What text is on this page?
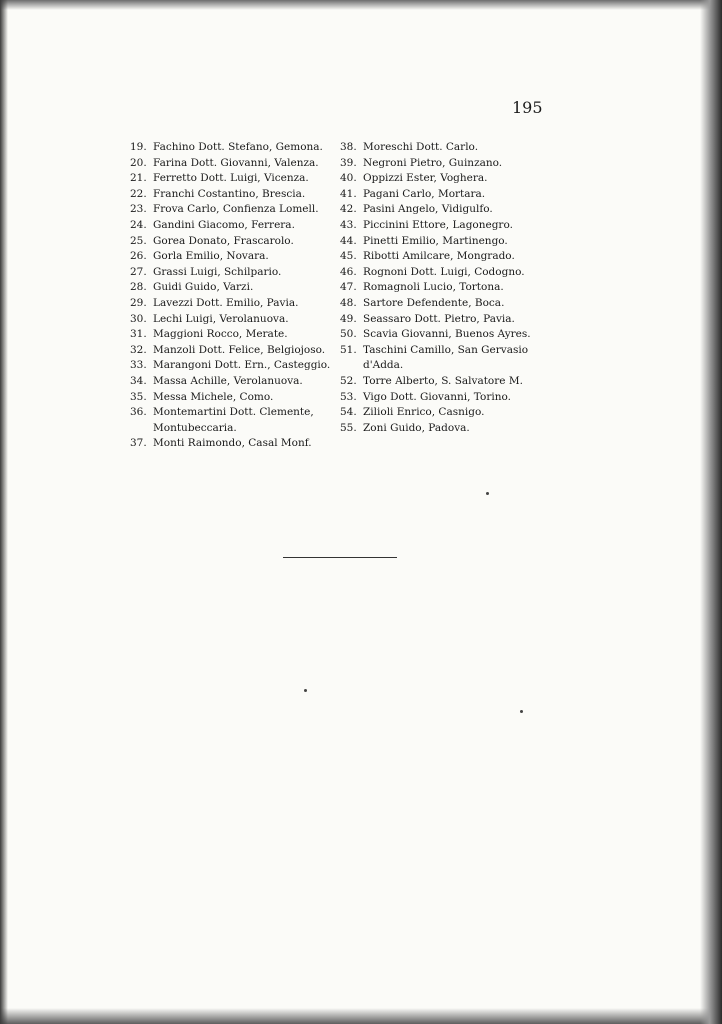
195
19. Fachino Dott. Stefano, Gemona.
20. Farina Dott. Giovanni, Valenza.
21. Ferretto Dott. Luigi, Vicenza.
22. Franchi Costantino, Brescia.
23. Frova Carlo, Confienza Lomell.
24. Gandini Giacomo, Ferrera.
25. Gorea Donato, Frascarolo.
26. Gorla Emilio, Novara.
27. Grassi Luigi, Schilpario.
28. Guidi Guido, Varzi.
29. Lavezzi Dott. Emilio, Pavia.
30. Lechi Luigi, Verolanuova.
31. Maggioni Rocco, Merate.
32. Manzoli Dott. Felice, Belgiojoso.
33. Marangoni Dott. Ern., Casteggio.
34. Massa Achille, Verolanuova.
35. Messa Michele, Como.
36. Montemartini Dott. Clemente,
Montubeccaria.
37. Monti Raimondo, Casal Monf.
38. Moreschi Dott. Carlo.
39. Negroni Pietro, Guinzano.
40. Oppizzi Ester, Voghera.
41. Pagani Carlo, Mortara.
42. Pasini Angelo, Vidigulfo.
43. Piccinini Ettore, Lagonegro.
44. Pinetti Emilio, Martinengo.
45. Ribotti Amilcare, Mongrado.
46. Rognoni Dott. Luigi, Codogno.
47. Romagnoli Lucio, Tortona.
48. Sartore Defendente, Boca.
49. Seassaro Dott. Pietro, Pavia.
50. Scavia Giovanni, Buenos Ayres.
51. Taschini Camillo, San Gervasio
d'Adda.
52. Torre Alberto, S. Salvatore M.
53. Vigo Dott. Giovanni, Torino.
54. Zilioli Enrico, Casnigo.
55. Zoni Guido, Padova.
